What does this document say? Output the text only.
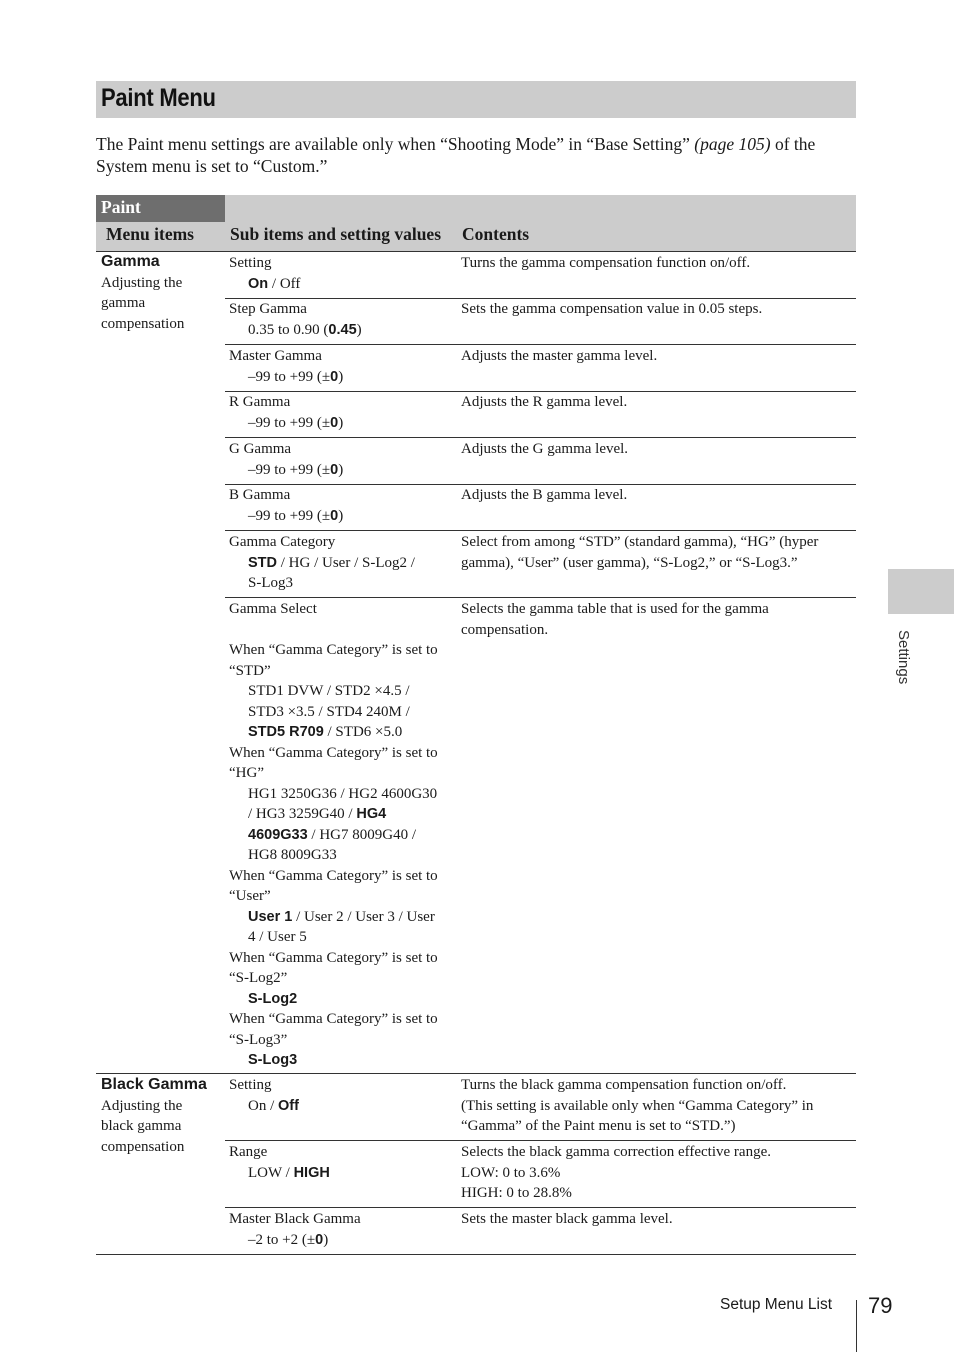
Paint Menu
The Paint menu settings are available only when “Shooting Mode” in “Base Setting” (page 105) of the System menu is set to “Custom.”
Paint
Menu items Sub items and setting values Contents
Gamma
Adjusting the
gamma
compensation
Setting
On / Off
Turns the gamma compensation function on/off.
Step Gamma
0.35 to 0.90 (0.45)
Sets the gamma compensation value in 0.05 steps.
Master Gamma
–99 to +99 (±0)
Adjusts the master gamma level.
R Gamma
–99 to +99 (±0)
Adjusts the R gamma level.
G Gamma
–99 to +99 (±0)
Adjusts the G gamma level.
B Gamma
–99 to +99 (±0)
Adjusts the B gamma level.
Gamma Category
STD / HG / User / S-Log2 /
S-Log3
Select from among “STD” (standard gamma), “HG” (hyper
gamma), “User” (user gamma), “S-Log2,” or “S-Log3.”
Gamma Select
When “Gamma Category” is set to
“STD”
STD1 DVW / STD2 ×4.5 /
STD3 ×3.5 / STD4 240M /
STD5 R709 / STD6 ×5.0
When “Gamma Category” is set to
“HG”
HG1 3250G36 / HG2 4600G30
/ HG3 3259G40 / HG4
4609G33 / HG7 8009G40 /
HG8 8009G33
When “Gamma Category” is set to
“User”
User 1 / User 2 / User 3 / User
4 / User 5
When “Gamma Category” is set to
“S-Log2”
S-Log2
When “Gamma Category” is set to
“S-Log3”
S-Log3
Selects the gamma table that is used for the gamma
compensation.
Black Gamma
Adjusting the
black gamma
compensation
Setting
On / Off
Turns the black gamma compensation function on/off.
(This setting is available only when “Gamma Category” in
“Gamma” of the Paint menu is set to “STD.”)
Range
LOW / HIGH
Selects the black gamma correction effective range.
LOW: 0 to 3.6%
HIGH: 0 to 28.8%
Master Black Gamma
–2 to +2 (±0)
Sets the master black gamma level.
Settings
Setup Menu List 79
